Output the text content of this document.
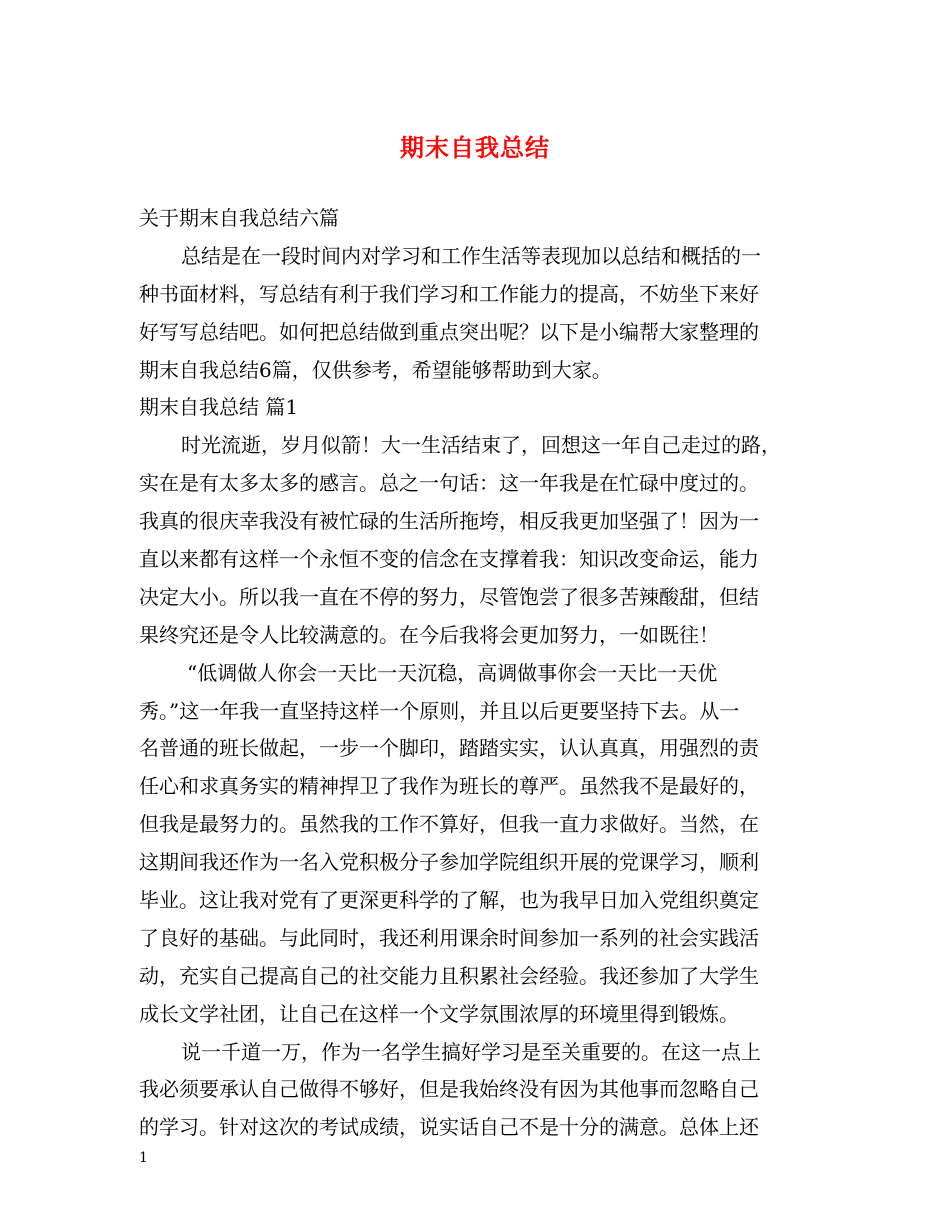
期末自我总结
关于期末自我总结六篇
总结是在一段时间内对学习和工作生活等表现加以总结和概括的一
种书面材料，写总结有利于我们学习和工作能力的提高，不妨坐下来好
好写写总结吧。如何把总结做到重点突出呢？以下是小编帮大家整理的
期末自我总结6篇，仅供参考，希望能够帮助到大家。
期末自我总结 篇1
时光流逝，岁月似箭！大一生活结束了，回想这一年自己走过的路，
实在是有太多太多的感言。总之一句话：这一年我是在忙碌中度过的。
我真的很庆幸我没有被忙碌的生活所拖垮，相反我更加坚强了！因为一
直以来都有这样一个永恒不变的信念在支撑着我：知识改变命运，能力
决定大小。所以我一直在不停的努力，尽管饱尝了很多苦辣酸甜，但结
果终究还是令人比较满意的。在今后我将会更加努力，一如既往！
“低调做人你会一天比一天沉稳，高调做事你会一天比一天优
秀。”这一年我一直坚持这样一个原则，并且以后更要坚持下去。从一
名普通的班长做起，一步一个脚印，踏踏实实，认认真真，用强烈的责
任心和求真务实的精神捍卫了我作为班长的尊严。虽然我不是最好的，
但我是最努力的。虽然我的工作不算好，但我一直力求做好。当然，在
这期间我还作为一名入党积极分子参加学院组织开展的党课学习，顺利
毕业。这让我对党有了更深更科学的了解，也为我早日加入党组织奠定
了良好的基础。与此同时，我还利用课余时间参加一系列的社会实践活
动，充实自己提高自己的社交能力且积累社会经验。我还参加了大学生
成长文学社团，让自己在这样一个文学氛围浓厚的环境里得到锻炼。
说一千道一万，作为一名学生搞好学习是至关重要的。在这一点上
我必须要承认自己做得不够好，但是我始终没有因为其他事而忽略自己
的学习。针对这次的考试成绩，说实话自己不是十分的满意。总体上还
1
